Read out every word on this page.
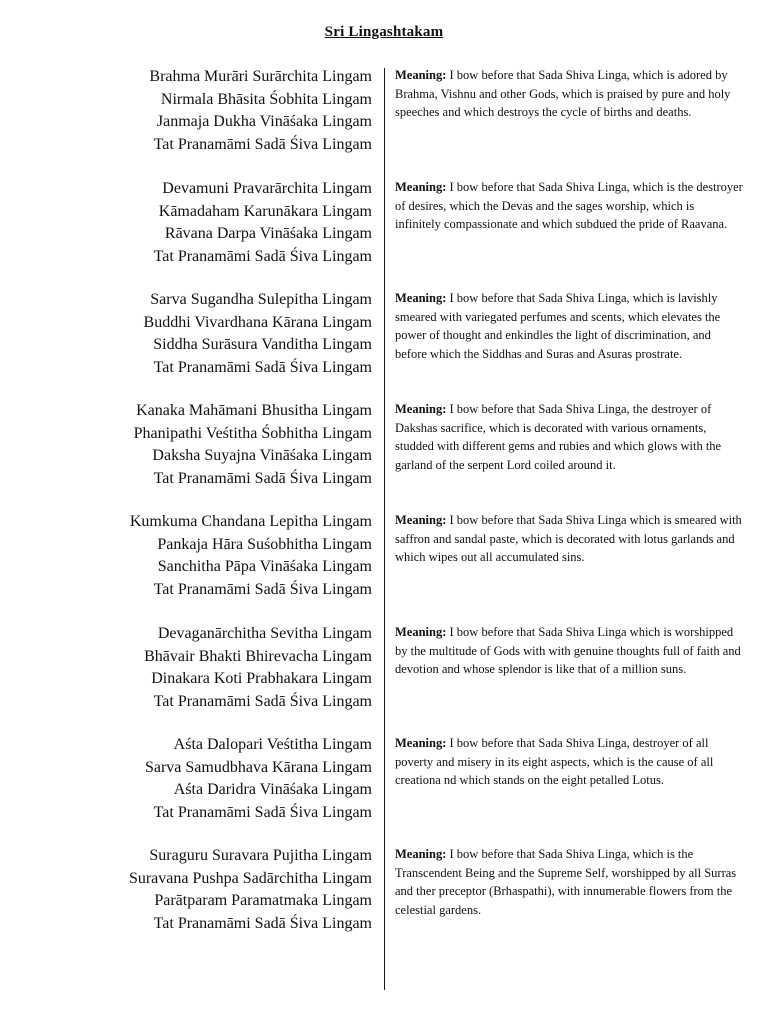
Sri Lingashtakam
Brahma Murāri Surārchita Lingam
Nirmala Bhāsita Śobhita Lingam
Janmaja Dukha Vināśaka Lingam
Tat Pranamāmi Sadā Śiva Lingam
Meaning: I bow before that Sada Shiva Linga, which is adored by Brahma, Vishnu and other Gods, which is praised by pure and holy speeches and which destroys the cycle of births and deaths.
Devamuni Pravarārchita Lingam
Kāmadaham Karunākara Lingam
Rāvana Darpa Vināśaka Lingam
Tat Pranamāmi Sadā Śiva Lingam
Meaning: I bow before that Sada Shiva Linga, which is the destroyer of desires, which the Devas and the sages worship, which is infinitely compassionate and which subdued the pride of Raavana.
Sarva Sugandha Sulepitha Lingam
Buddhi Vivardhana Kārana Lingam
Siddha Surāsura Vanditha Lingam
Tat Pranamāmi Sadā Śiva Lingam
Meaning: I bow before that Sada Shiva Linga, which is lavishly smeared with variegated perfumes and scents, which elevates the power of thought and enkindles the light of discrimination, and before which the Siddhas and Suras and Asuras prostrate.
Kanaka Mahāmani Bhusitha Lingam
Phanipathi Veśtitha Śobhitha Lingam
Daksha Suyajna Vināśaka Lingam
Tat Pranamāmi Sadā Śiva Lingam
Meaning: I bow before that Sada Shiva Linga, the destroyer of Dakshas sacrifice, which is decorated with various ornaments, studded with different gems and rubies and which glows with the garland of the serpent Lord coiled around it.
Kumkuma Chandana Lepitha Lingam
Pankaja Hāra Suśobhitha Lingam
Sanchitha Pāpa Vināśaka Lingam
Tat Pranamāmi Sadā Śiva Lingam
Meaning: I bow before that Sada Shiva Linga which is smeared with saffron and sandal paste, which is decorated with lotus garlands and which wipes out all accumulated sins.
Devaganārchitha Sevitha Lingam
Bhāvair Bhakti Bhirevacha Lingam
Dinakara Koti Prabhakara Lingam
Tat Pranamāmi Sadā Śiva Lingam
Meaning: I bow before that Sada Shiva Linga which is worshipped by the multitude of Gods with with genuine thoughts full of faith and devotion and whose splendor is like that of a million suns.
Aśta Dalopari Veśtitha Lingam
Sarva Samudbhava Kārana Lingam
Aśta Daridra Vināśaka Lingam
Tat Pranamāmi Sadā Śiva Lingam
Meaning: I bow before that Sada Shiva Linga, destroyer of all poverty and misery in its eight aspects, which is the cause of all creationa nd which stands on the eight petalled Lotus.
Suraguru Suravara Pujitha Lingam
Suravana Pushpa Sadārchitha Lingam
Parātparam Paramatmaka Lingam
Tat Pranamāmi Sadā Śiva Lingam
Meaning: I bow before that Sada Shiva Linga, which is the Transcendent Being and the Supreme Self, worshipped by all Surras and ther preceptor (Brhaspathi), with innumerable flowers from the celestial gardens.
